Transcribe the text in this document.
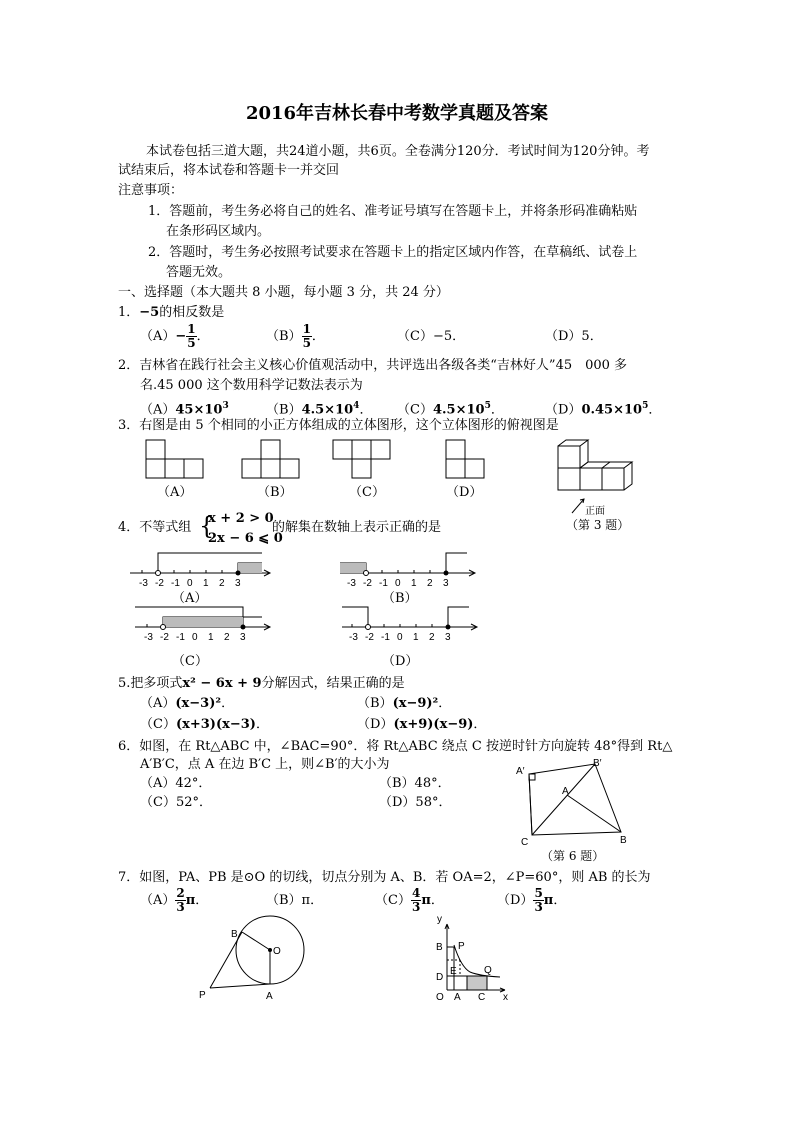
2016年吉林长春中考数学真题及答案
本试卷包括三道大题，共24道小题，共6页。全卷满分120分．考试时间为120分钟。考
试结束后，将本试卷和答题卡一并交回
注意事项：
1．答题前，考生务必将自己的姓名、准考证号填写在答题卡上，并将条形码准确粘贴
在条形码区域内。
2．答题时，考生务必按照考试要求在答题卡上的指定区域内作答，在草稿纸、试卷上
答题无效。
一、选择题（本大题共 8 小题，每小题 3 分，共 24 分）
1．−5的相反数是
$(A)- \frac{1}{5}$ ．	$(B) \frac{1}{5}$ ．	（C）−5．	（D）5．
2．吉林省在践行社会主义核心价值观活动中，共评选出各级各类“吉林好人”45　000 多
名.45 000 这个数用科学记数法表示为
$(A)45\times 10^3$	$(B)4.5\times 10^4$． $(C)4.5\times 10^5$．	$(D)0.45\times 10^5$．
3．右图是由 5 个相同的小正方体组成的立体图形，这个立体图形的俯视图是
正面
（A）	（B）	（C）	（D）
（第 3 题）
4．不等式组 {
x + 2 > 0
2x − 6 ⩽ 0
的解集在数轴上表示正确的是
-3 -2 -1 0 1 2 3	-3 -2 -1 0 1 2 3
-3 -2 -1 0 1 2 3	-3 -2 -1 0 1 2 3
（A）	（B）
（C）	（D）
5.把多项式x² − 6x + 9分解因式，结果正确的是
（A）(x−3)²．	（B）(x−9)²．
（C）(x+3)(x−3)．	（D）(x+9)(x−9)．
6．如图，在 Rt△ABC 中，∠BAC=90°．将 Rt△ABC 绕点 C 按逆时针方向旋转 48°得到 Rt△
A′B′C，点 A 在边 B′C 上，则∠B′的大小为
（A）42°．	（B）48°．
（C）52°．	（D）58°．
A′
B′
A
C	B
（第 6 题）
7．如图，PA、PB 是⊙O 的切线，切点分别为 A、B．若 OA=2，∠P=60°，则 AB 的长为
$(A) \frac{2}{3}$ π．	（B）π．	$(C) \frac{4}{3}$ π．	$(D) \frac{5}{3}$ π．
B
O
P	A
y
B P
E	Q
D
O A C x
